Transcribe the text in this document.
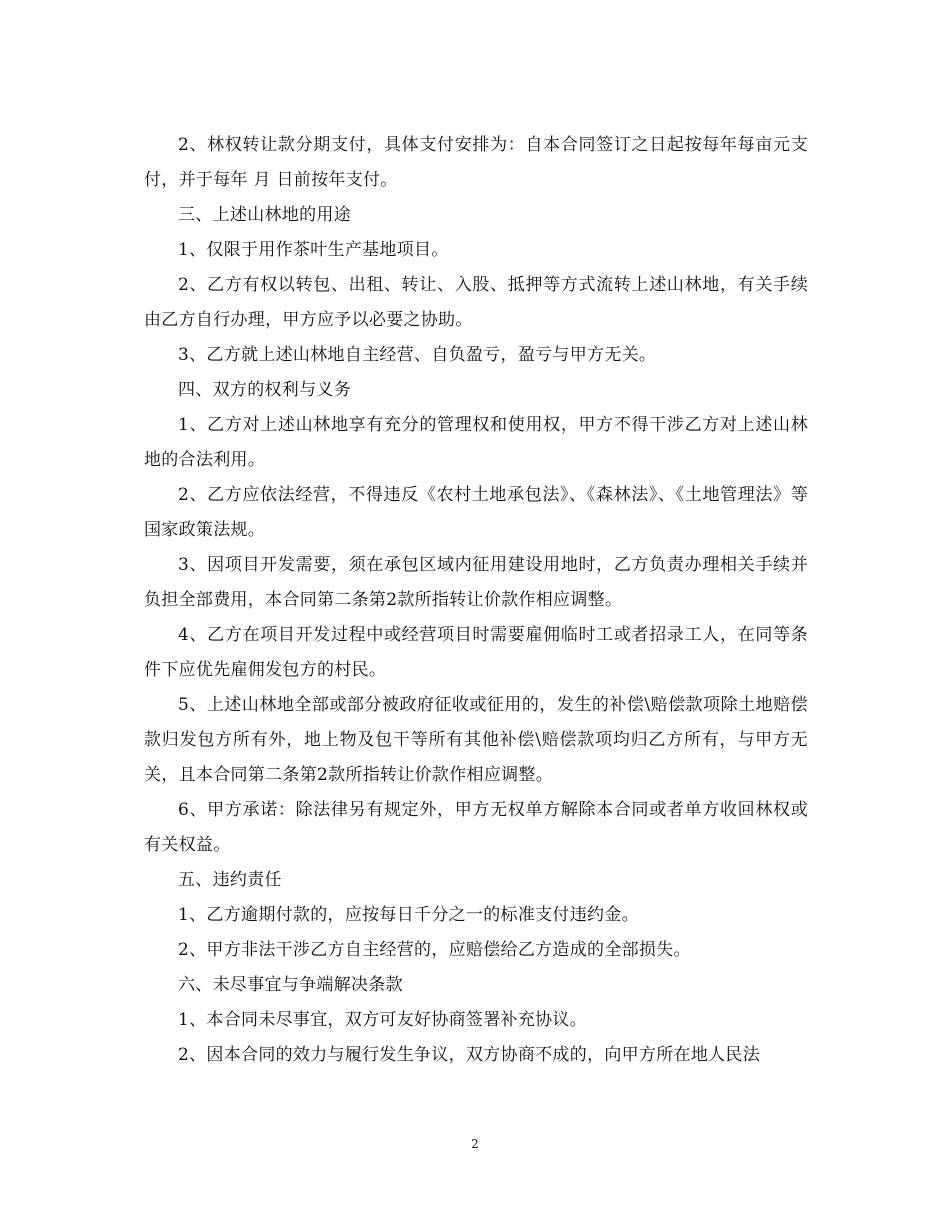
2、林权转让款分期支付，具体支付安排为：自本合同签订之日起按每年每亩元支付，并于每年 月 日前按年支付。

三、上述山林地的用途

1、仅限于用作茶叶生产基地项目。

2、乙方有权以转包、出租、转让、入股、抵押等方式流转上述山林地，有关手续由乙方自行办理，甲方应予以必要之协助。

3、乙方就上述山林地自主经营、自负盈亏，盈亏与甲方无关。

四、双方的权利与义务

1、乙方对上述山林地享有充分的管理权和使用权，甲方不得干涉乙方对上述山林地的合法利用。

2、乙方应依法经营，不得违反《农村土地承包法》、《森林法》、《土地管理法》等国家政策法规。

3、因项目开发需要，须在承包区域内征用建设用地时，乙方负责办理相关手续并负担全部费用，本合同第二条第2款所指转让价款作相应调整。

4、乙方在项目开发过程中或经营项目时需要雇佣临时工或者招录工人，在同等条件下应优先雇佣发包方的村民。

5、上述山林地全部或部分被政府征收或征用的，发生的补偿\赔偿款项除土地赔偿款归发包方所有外，地上物及包干等所有其他补偿\赔偿款项均归乙方所有，与甲方无关，且本合同第二条第2款所指转让价款作相应调整。

6、甲方承诺：除法律另有规定外，甲方无权单方解除本合同或者单方收回林权或有关权益。

五、违约责任

1、乙方逾期付款的，应按每日千分之一的标准支付违约金。

2、甲方非法干涉乙方自主经营的，应赔偿给乙方造成的全部损失。

六、未尽事宜与争端解决条款

1、本合同未尽事宜，双方可友好协商签署补充协议。

2、因本合同的效力与履行发生争议，双方协商不成的，向甲方所在地人民法

2
